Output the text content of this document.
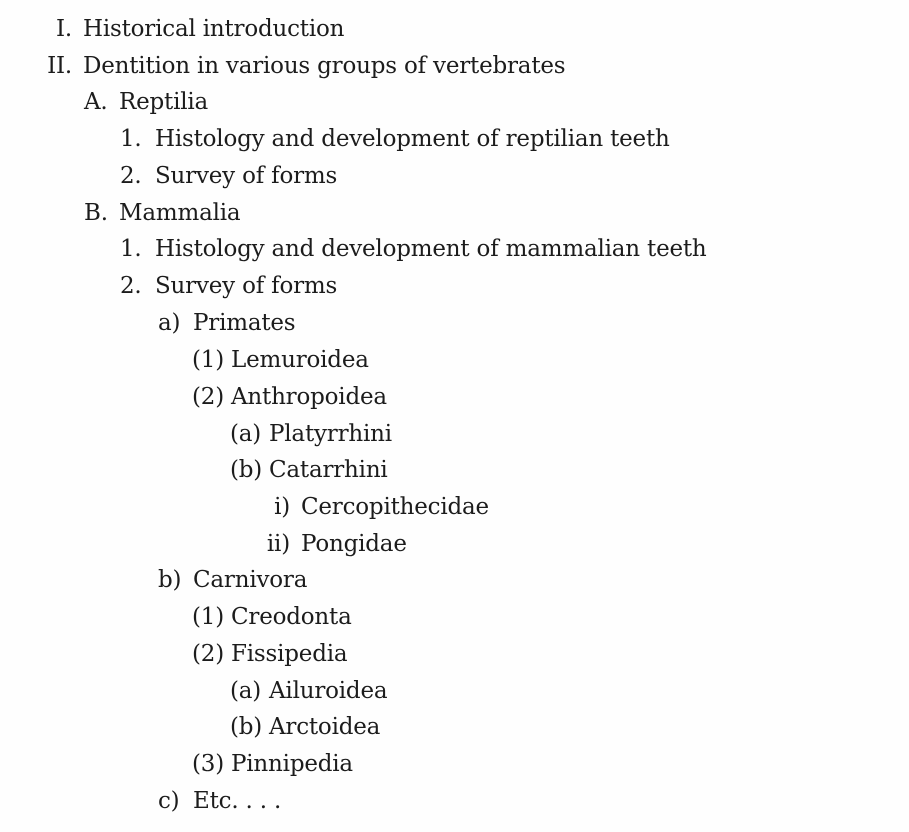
I. Historical introduction
II. Dentition in various groups of vertebrates
A. Reptilia
1. Histology and development of reptilian teeth
2. Survey of forms
B. Mammalia
1. Histology and development of mammalian teeth
2. Survey of forms
a) Primates
(1) Lemuroidea
(2) Anthropoidea
(a) Platyrrhini
(b) Catarrhini
i) Cercopithecidae
ii) Pongidae
b) Carnivora
(1) Creodonta
(2) Fissipedia
(a) Ailuroidea
(b) Arctoidea
(3) Pinnipedia
c) Etc. . . .
